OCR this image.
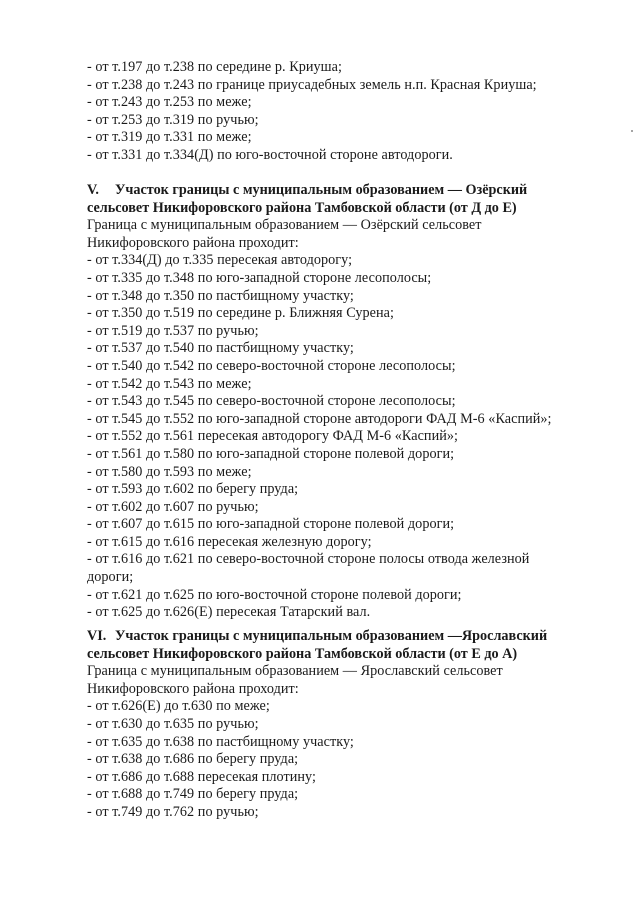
- от т.197 до т.238 по середине р. Криуша;
- от т.238 до т.243 по границе приусадебных земель н.п. Красная Криуша;
- от т.243 до т.253 по меже;
- от т.253 до т.319 по ручью;
- от т.319 до т.331 по меже;
- от т.331 до т.334(Д) по юго-восточной стороне автодороги.
V. Участок границы с муниципальным образованием — Озёрский
сельсовет Никифоровского района Тамбовской области (от Д до Е)
Граница с муниципальным образованием — Озёрский сельсовет
Никифоровского района проходит:
- от т.334(Д) до т.335 пересекая автодорогу;
- от т.335 до т.348 по юго-западной стороне лесополосы;
- от т.348 до т.350 по пастбищному участку;
- от т.350 до т.519 по середине р. Ближняя Сурена;
- от т.519 до т.537 по ручью;
- от т.537 до т.540 по пастбищному участку;
- от т.540 до т.542 по северо-восточной стороне лесополосы;
- от т.542 до т.543 по меже;
- от т.543 до т.545 по северо-восточной стороне лесополосы;
- от т.545 до т.552 по юго-западной стороне автодороги ФАД М-6 «Каспий»;
- от т.552 до т.561 пересекая автодорогу ФАД М-6 «Каспий»;
- от т.561 до т.580 по юго-западной стороне полевой дороги;
- от т.580 до т.593 по меже;
- от т.593 до т.602 по берегу пруда;
- от т.602 до т.607 по ручью;
- от т.607 до т.615 по юго-западной стороне полевой дороги;
- от т.615 до т.616 пересекая железную дорогу;
- от т.616 до т.621 по северо-восточной стороне полосы отвода железной
дороги;
- от т.621 до т.625 по юго-восточной стороне полевой дороги;
- от т.625 до т.626(Е) пересекая Татарский вал.
VI. Участок границы с муниципальным образованием —Ярославский
сельсовет Никифоровского района Тамбовской области (от Е до А)
Граница с муниципальным образованием — Ярославский сельсовет
Никифоровского района проходит:
- от т.626(Е) до т.630 по меже;
- от т.630 до т.635 по ручью;
- от т.635 до т.638 по пастбищному участку;
- от т.638 до т.686 по берегу пруда;
- от т.686 до т.688 пересекая плотину;
- от т.688 до т.749 по берегу пруда;
- от т.749 до т.762 по ручью;
